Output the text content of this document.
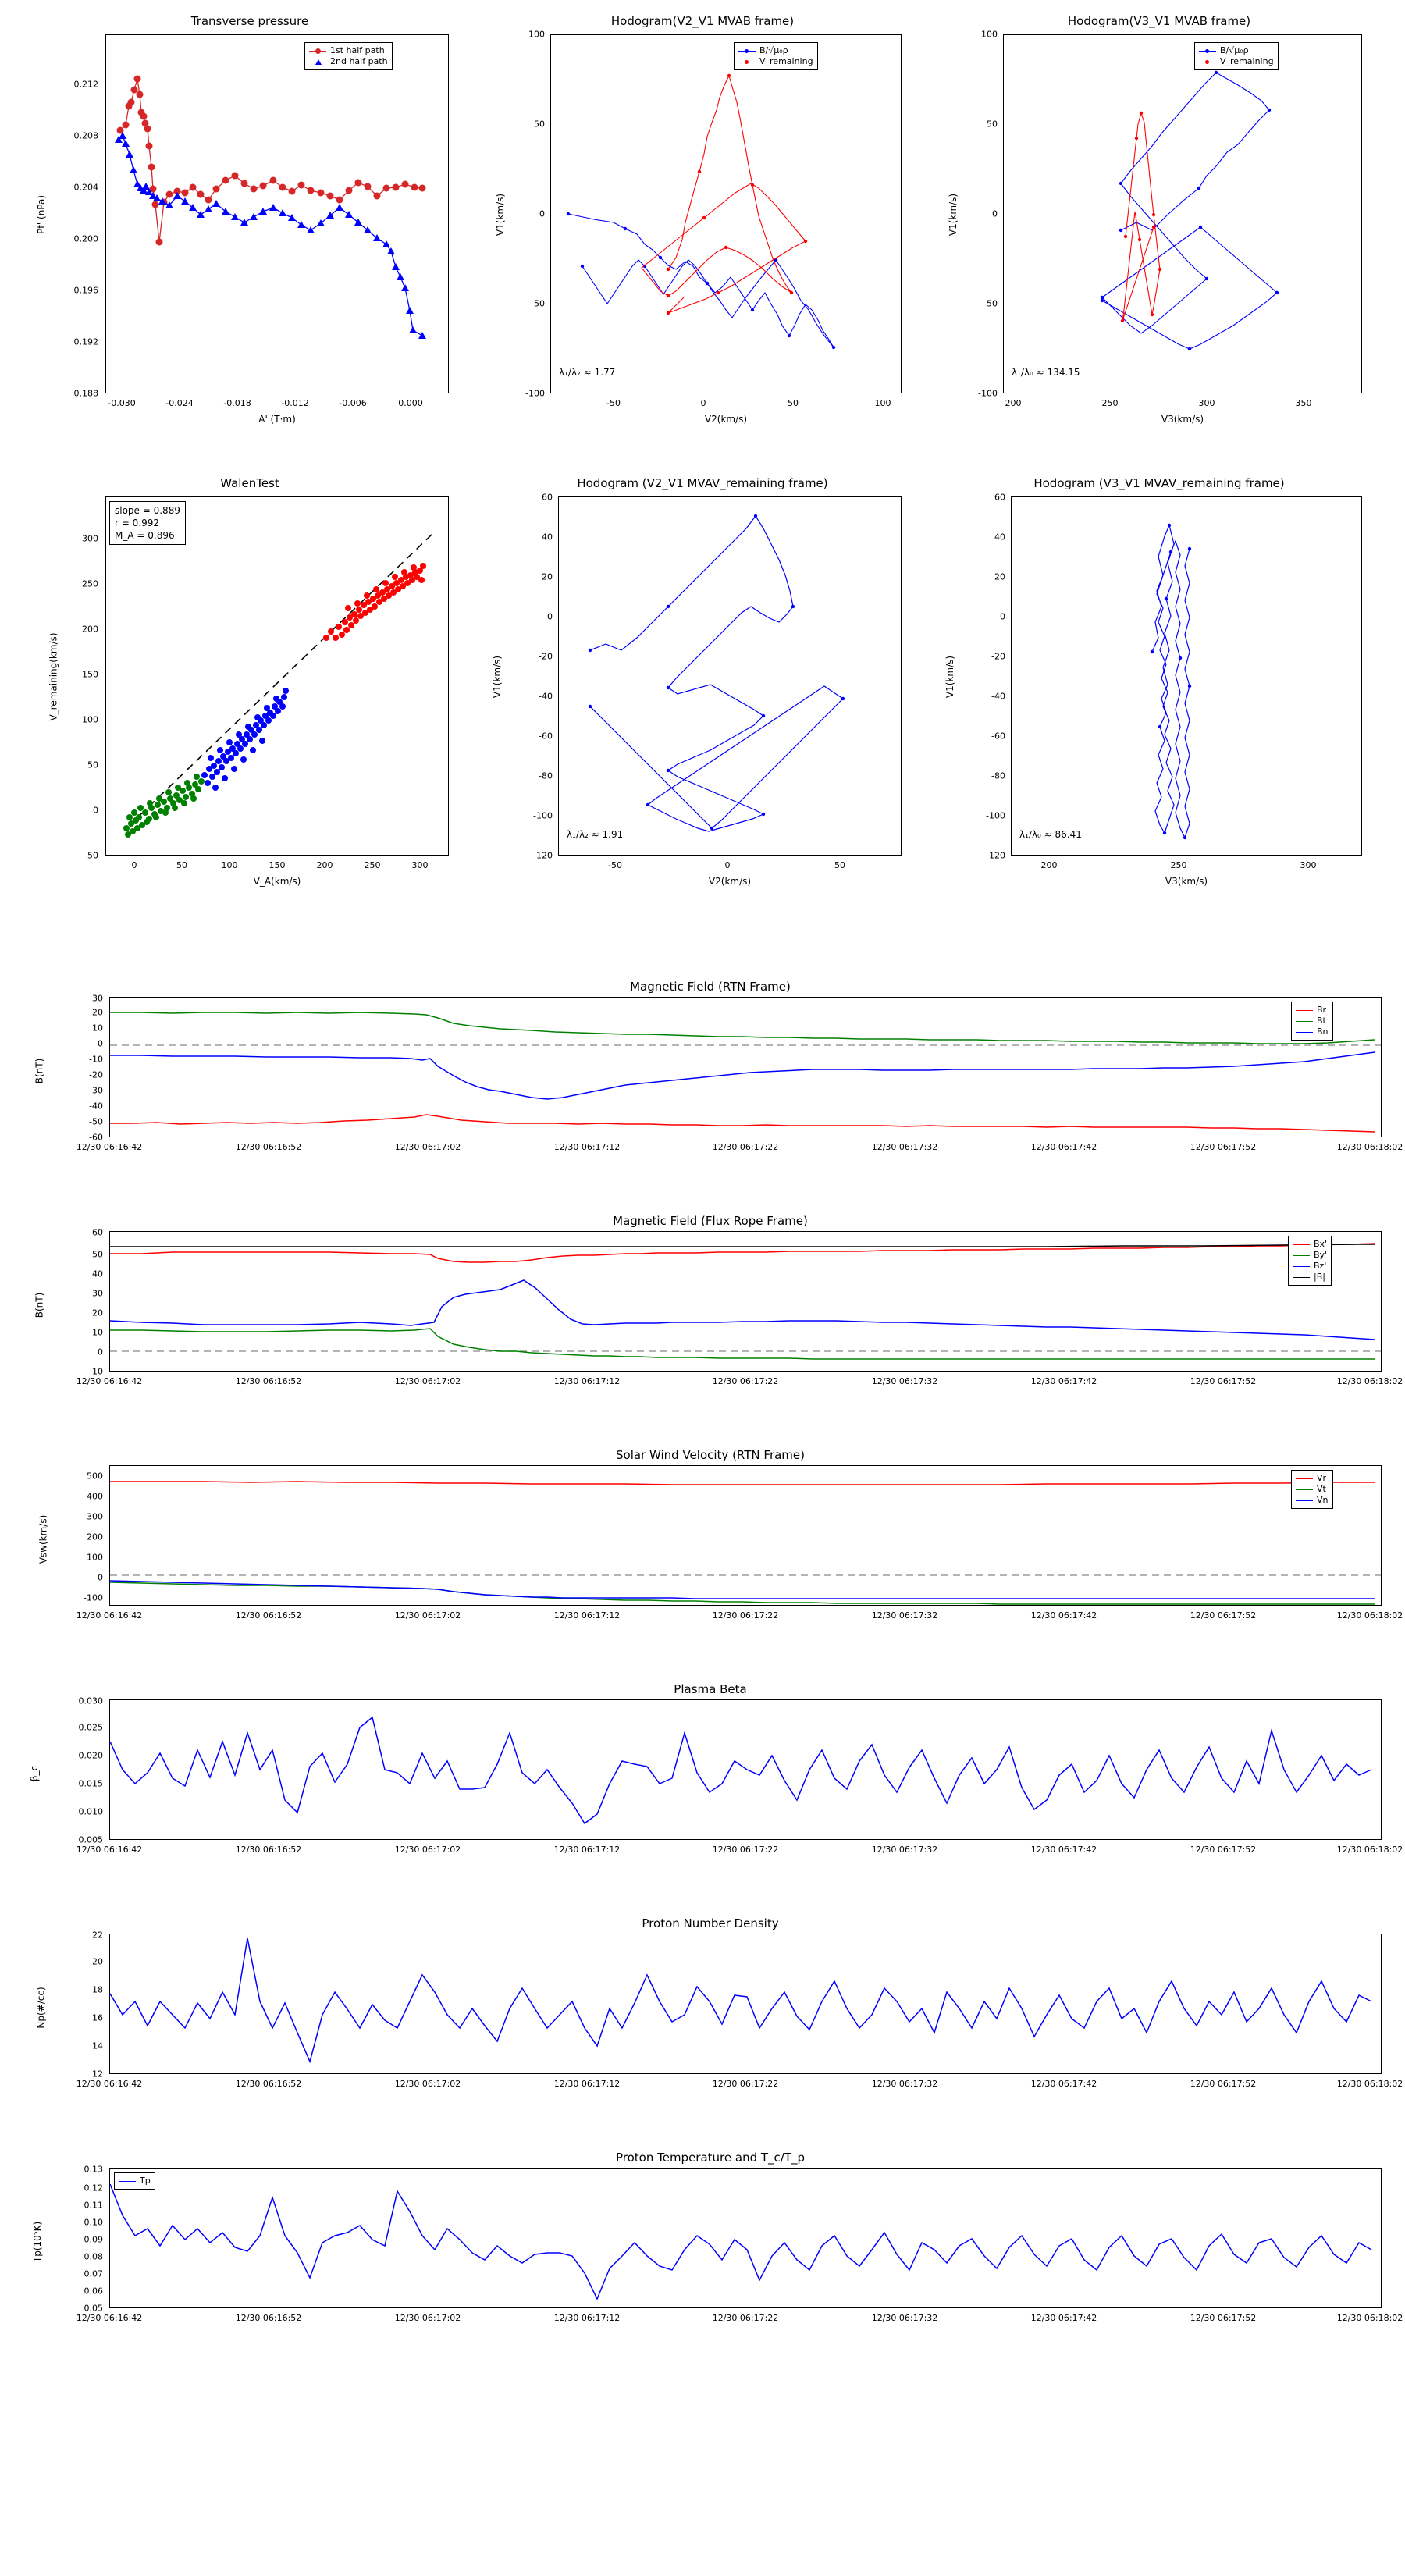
Transverse pressure
1st half path
2nd half path
0.188
0.192
0.196
0.200
0.204
0.208
0.212
-0.030	-0.024	-0.018	-0.012	-0.006	0.000
A' (T·m)
Pt' (nPa)
Hodogram(V2_V1 MVAB frame)
B/√μ₀ρ
V_remaining
λ₁/λ₂ ≈ 1.77
-100
-50
0
50
100
-50	0	50	100
V2(km/s)
V1(km/s)
Hodogram(V3_V1 MVAB frame)
B/√μ₀ρ
V_remaining
λ₁/λ₀ ≈ 134.15
-100
-50
0
50
100
200	250	300	350
V3(km/s)
V1(km/s)
WalenTest
slope = 0.889
r = 0.992
M_A = 0.896
-50
0
50
100
150
200
250
300
0	50	100	150	200	250	300
V_A(km/s)
V_remaining(km/s)
Hodogram (V2_V1 MVAV_remaining frame)
λ₁/λ₂ ≈ 1.91
-120
-100
-80
-60
-40
-20
0
20
40
60
-50	0	50
V2(km/s)
V1(km/s)
Hodogram (V3_V1 MVAV_remaining frame)
λ₁/λ₀ ≈ 86.41
-120
-100
-80
-60
-40
-20
0
20
40
60
200	250	300
V3(km/s)
V1(km/s)
Magnetic Field (RTN Frame)
Br
Bt
Bn
-60
-50
-40
-30
-20
-10
0
10
20
30
B(nT)
12/30 06:16:42	12/30 06:16:52	12/30 06:17:02	12/30 06:17:12	12/30 06:17:22	12/30 06:17:32	12/30 06:17:42	12/30 06:17:52	12/30 06:18:02
Magnetic Field (Flux Rope Frame)
Bx'
By'
Bz'
|B|
-10
0
10
20
30
40
50
60
B(nT)
12/30 06:16:42	12/30 06:16:52	12/30 06:17:02	12/30 06:17:12	12/30 06:17:22	12/30 06:17:32	12/30 06:17:42	12/30 06:17:52	12/30 06:18:02
Solar Wind Velocity (RTN Frame)
Vr
Vt
Vn
-100
0
100
200
300
400
500
Vsw(km/s)
12/30 06:16:42	12/30 06:16:52	12/30 06:17:02	12/30 06:17:12	12/30 06:17:22	12/30 06:17:32	12/30 06:17:42	12/30 06:17:52	12/30 06:18:02
Plasma Beta
0.005
0.010
0.015
0.020
0.025
0.030
β_c
12/30 06:16:42	12/30 06:16:52	12/30 06:17:02	12/30 06:17:12	12/30 06:17:22	12/30 06:17:32	12/30 06:17:42	12/30 06:17:52	12/30 06:18:02
Proton Number Density
12
14
16
18
20
22
Np(#/cc)
12/30 06:16:42	12/30 06:16:52	12/30 06:17:02	12/30 06:17:12	12/30 06:17:22	12/30 06:17:32	12/30 06:17:42	12/30 06:17:52	12/30 06:18:02
Proton Temperature and T_c/T_p
Tp
0.05
0.06
0.07
0.08
0.09
0.10
0.11
0.12
0.13
Tp(10⁵K)
12/30 06:16:42	12/30 06:16:52	12/30 06:17:02	12/30 06:17:12	12/30 06:17:22	12/30 06:17:32	12/30 06:17:42	12/30 06:17:52	12/30 06:18:02
